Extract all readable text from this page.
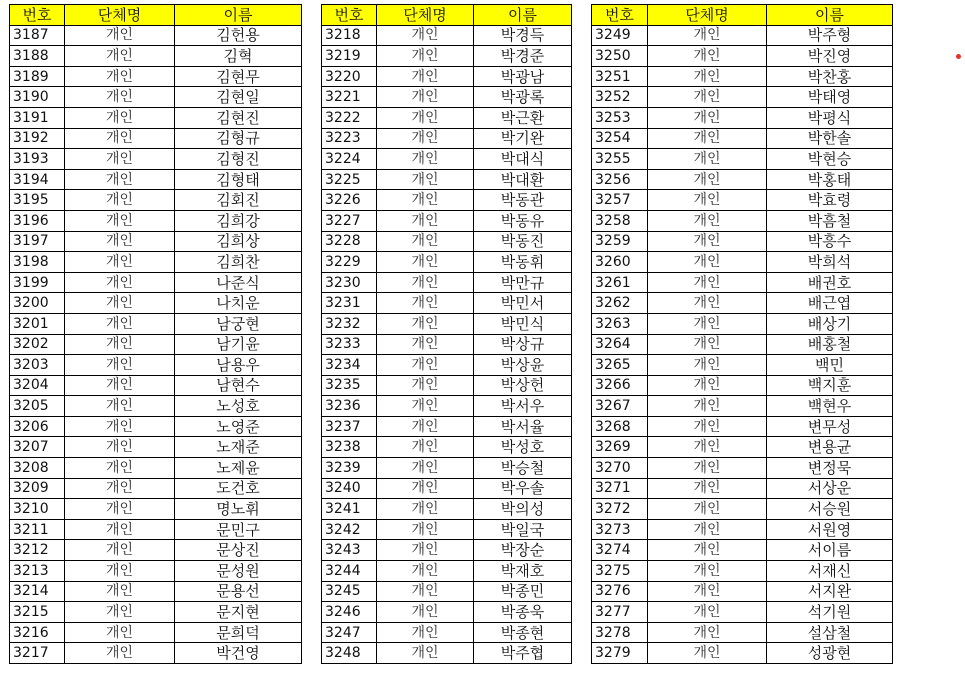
번호	단체명	이름
3187	개인	김헌용
3188	개인	김혁
3189	개인	김현무
3190	개인	김현일
3191	개인	김현진
3192	개인	김형규
3193	개인	김형진
3194	개인	김형태
3195	개인	김회진
3196	개인	김희강
3197	개인	김희상
3198	개인	김희찬
3199	개인	나준식
3200	개인	나치운
3201	개인	남궁현
3202	개인	남기윤
3203	개인	남용우
3204	개인	남현수
3205	개인	노성호
3206	개인	노영준
3207	개인	노재준
3208	개인	노제윤
3209	개인	도건호
3210	개인	명노휘
3211	개인	문민구
3212	개인	문상진
3213	개인	문성원
3214	개인	문용선
3215	개인	문지현
3216	개인	문희덕
3217	개인	박건영
번호	단체명	이름
3218	개인	박경득
3219	개인	박경준
3220	개인	박광남
3221	개인	박광록
3222	개인	박근환
3223	개인	박기완
3224	개인	박대식
3225	개인	박대환
3226	개인	박동관
3227	개인	박동유
3228	개인	박동진
3229	개인	박동휘
3230	개인	박만규
3231	개인	박민서
3232	개인	박민식
3233	개인	박상규
3234	개인	박상윤
3235	개인	박상헌
3236	개인	박서우
3237	개인	박서율
3238	개인	박성호
3239	개인	박승철
3240	개인	박우솔
3241	개인	박의성
3242	개인	박일국
3243	개인	박장순
3244	개인	박재호
3245	개인	박종민
3246	개인	박종욱
3247	개인	박종현
3248	개인	박주협
번호	단체명	이름
3249	개인	박주형
3250	개인	박진영
3251	개인	박찬홍
3252	개인	박태영
3253	개인	박평식
3254	개인	박한솔
3255	개인	박현승
3256	개인	박홍태
3257	개인	박효령
3258	개인	박흠철
3259	개인	박흥수
3260	개인	박희석
3261	개인	배권호
3262	개인	배근엽
3263	개인	배상기
3264	개인	배홍철
3265	개인	백민
3266	개인	백지훈
3267	개인	백현우
3268	개인	변무성
3269	개인	변용균
3270	개인	변정묵
3271	개인	서상운
3272	개인	서승원
3273	개인	서원영
3274	개인	서이름
3275	개인	서재신
3276	개인	서지완
3277	개인	석기원
3278	개인	설삼철
3279	개인	성광현
